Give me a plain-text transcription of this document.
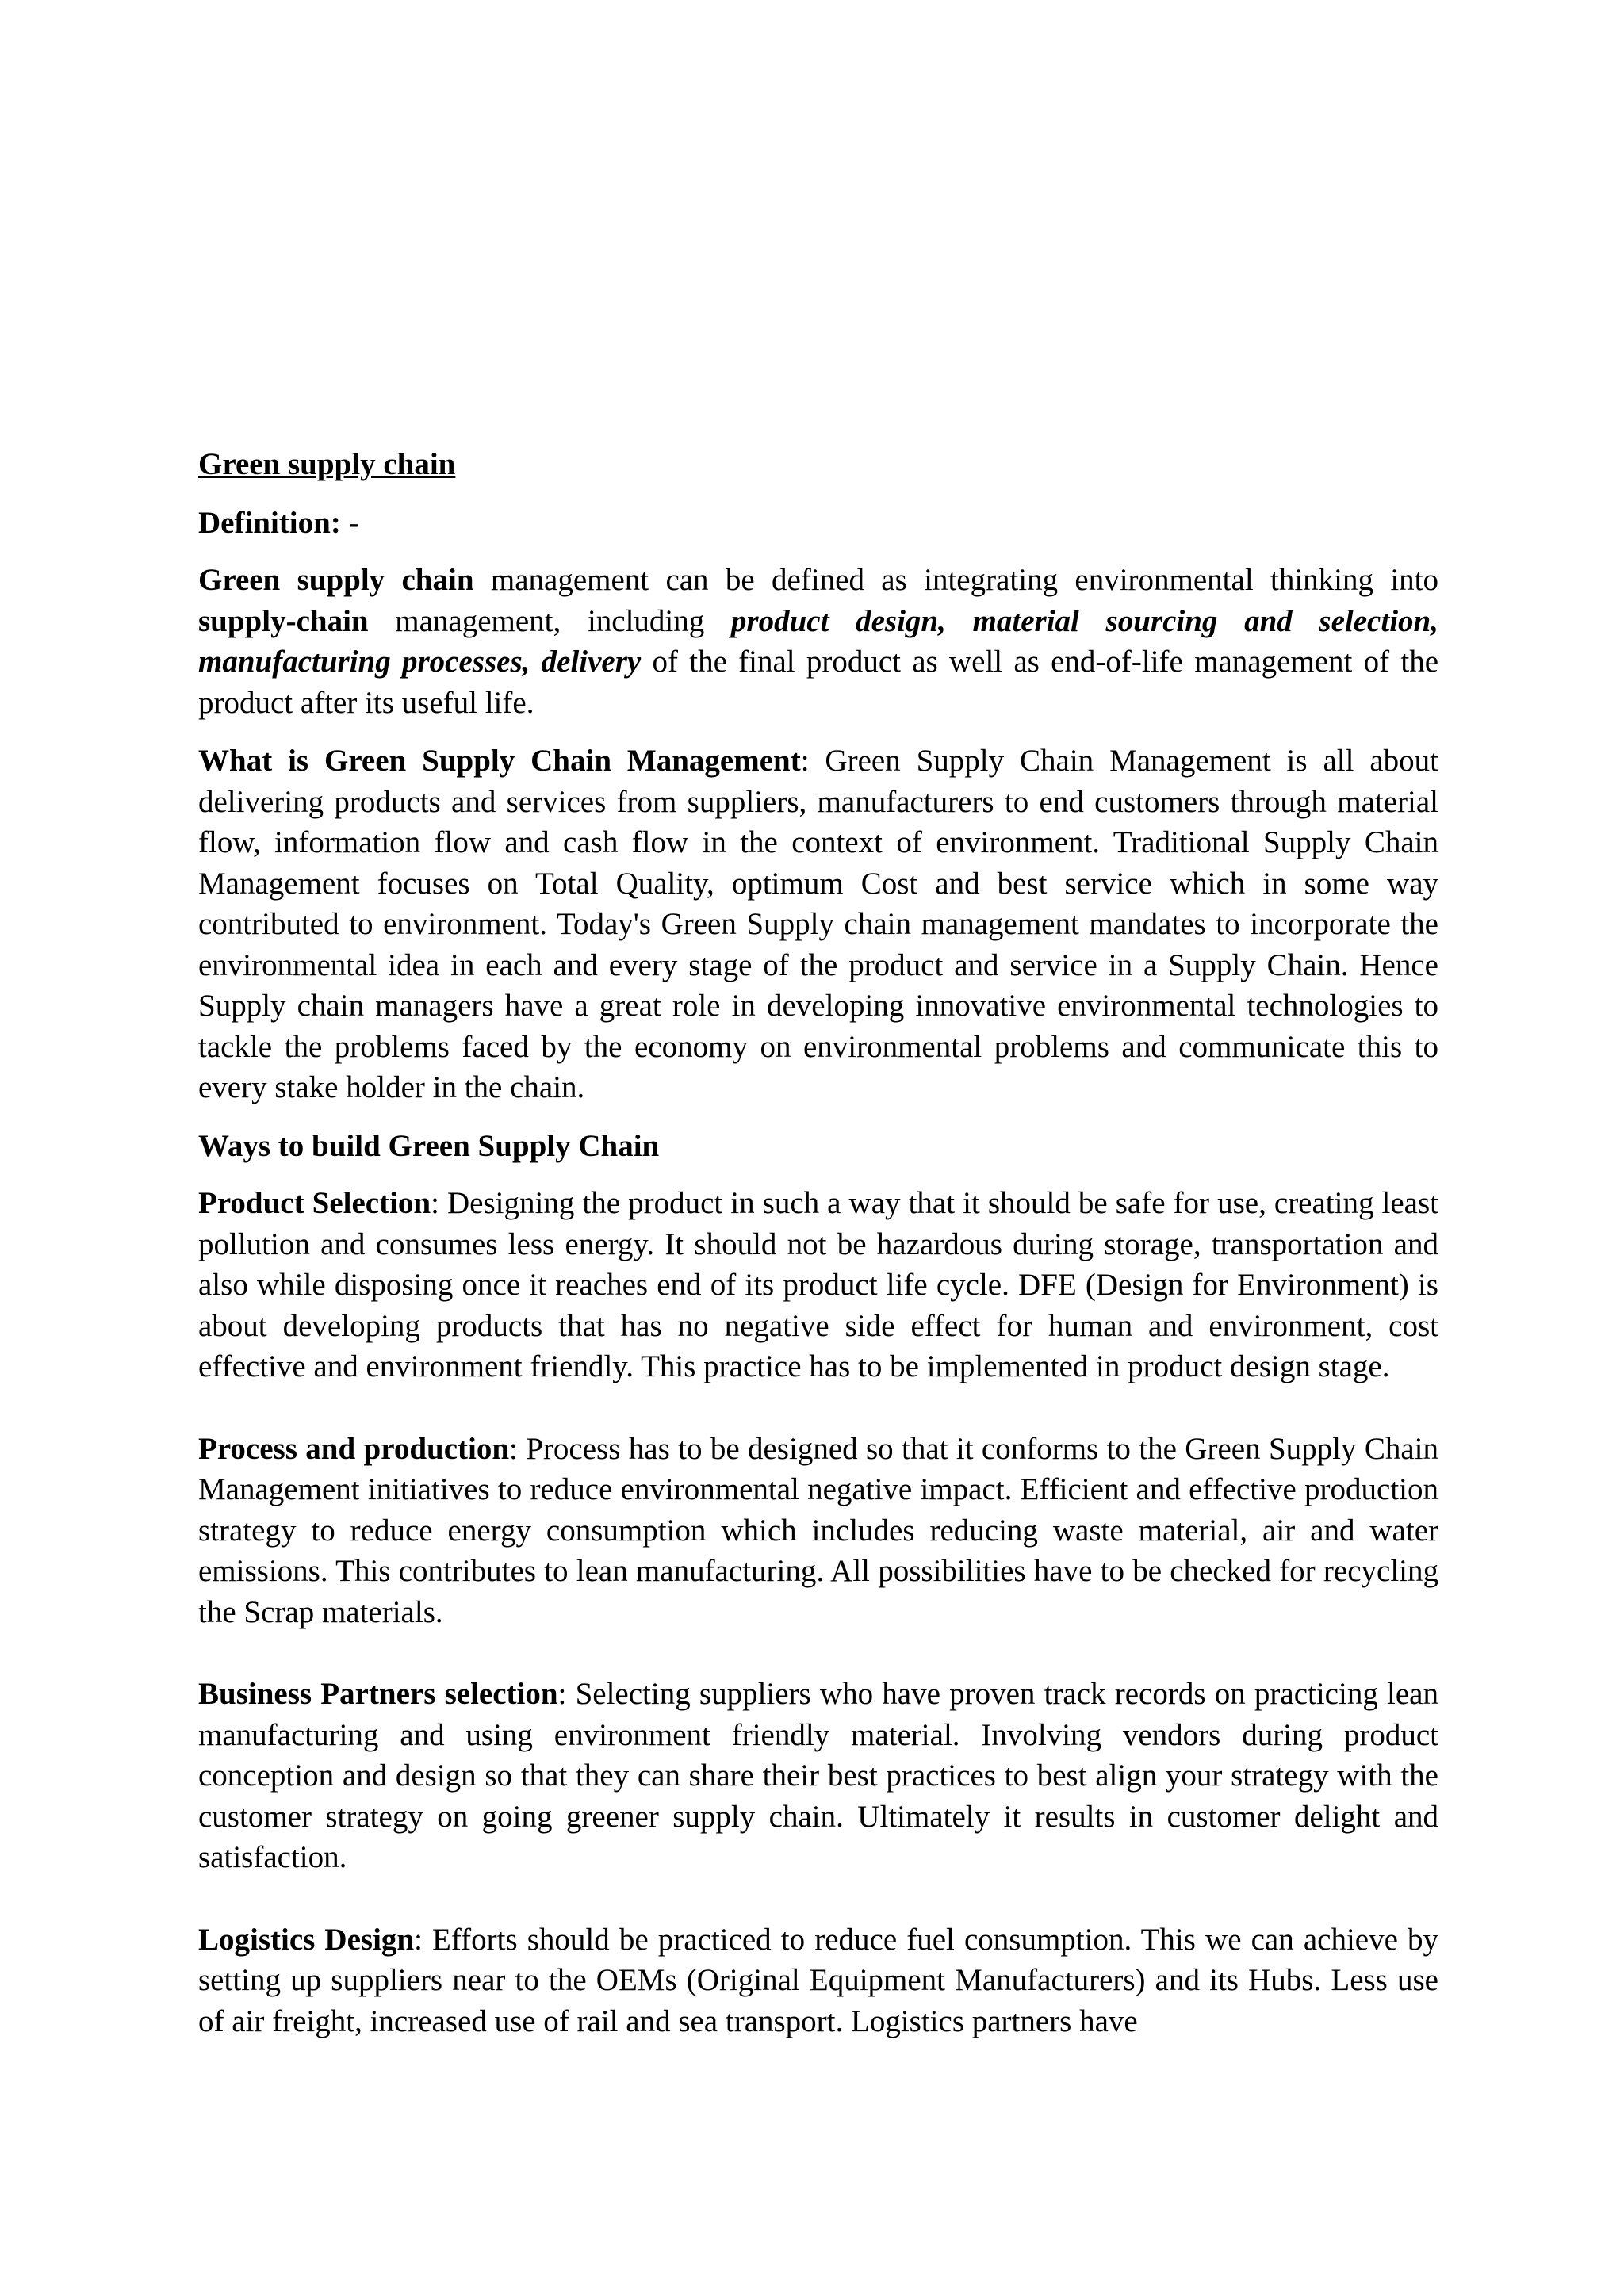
Green supply chain
Definition: -

Green supply chain management can be defined as integrating environmental thinking into supply-chain management, including product design, material sourcing and selection, manufacturing processes, delivery of the final product as well as end-of-life management of the product after its useful life.

What is Green Supply Chain Management: Green Supply Chain Management is all about delivering products and services from suppliers, manufacturers to end customers through material flow, information flow and cash flow in the context of environment. Traditional Supply Chain Management focuses on Total Quality, optimum Cost and best service which in some way contributed to environment. Today's Green Supply chain management mandates to incorporate the environmental idea in each and every stage of the product and service in a Supply Chain. Hence Supply chain managers have a great role in developing innovative environmental technologies to tackle the problems faced by the economy on environmental problems and communicate this to every stake holder in the chain.

Ways to build Green Supply Chain

Product Selection: Designing the product in such a way that it should be safe for use, creating least pollution and consumes less energy. It should not be hazardous during storage, transportation and also while disposing once it reaches end of its product life cycle. DFE (Design for Environment) is about developing products that has no negative side effect for human and environment, cost effective and environment friendly. This practice has to be implemented in product design stage.

Process and production: Process has to be designed so that it conforms to the Green Supply Chain Management initiatives to reduce environmental negative impact. Efficient and effective production strategy to reduce energy consumption which includes reducing waste material, air and water emissions. This contributes to lean manufacturing. All possibilities have to be checked for recycling the Scrap materials.

Business Partners selection: Selecting suppliers who have proven track records on practicing lean manufacturing and using environment friendly material. Involving vendors during product conception and design so that they can share their best practices to best align your strategy with the customer strategy on going greener supply chain. Ultimately it results in customer delight and satisfaction.

Logistics Design: Efforts should be practiced to reduce fuel consumption. This we can achieve by setting up suppliers near to the OEMs (Original Equipment Manufacturers) and its Hubs. Less use of air freight, increased use of rail and sea transport. Logistics partners have
